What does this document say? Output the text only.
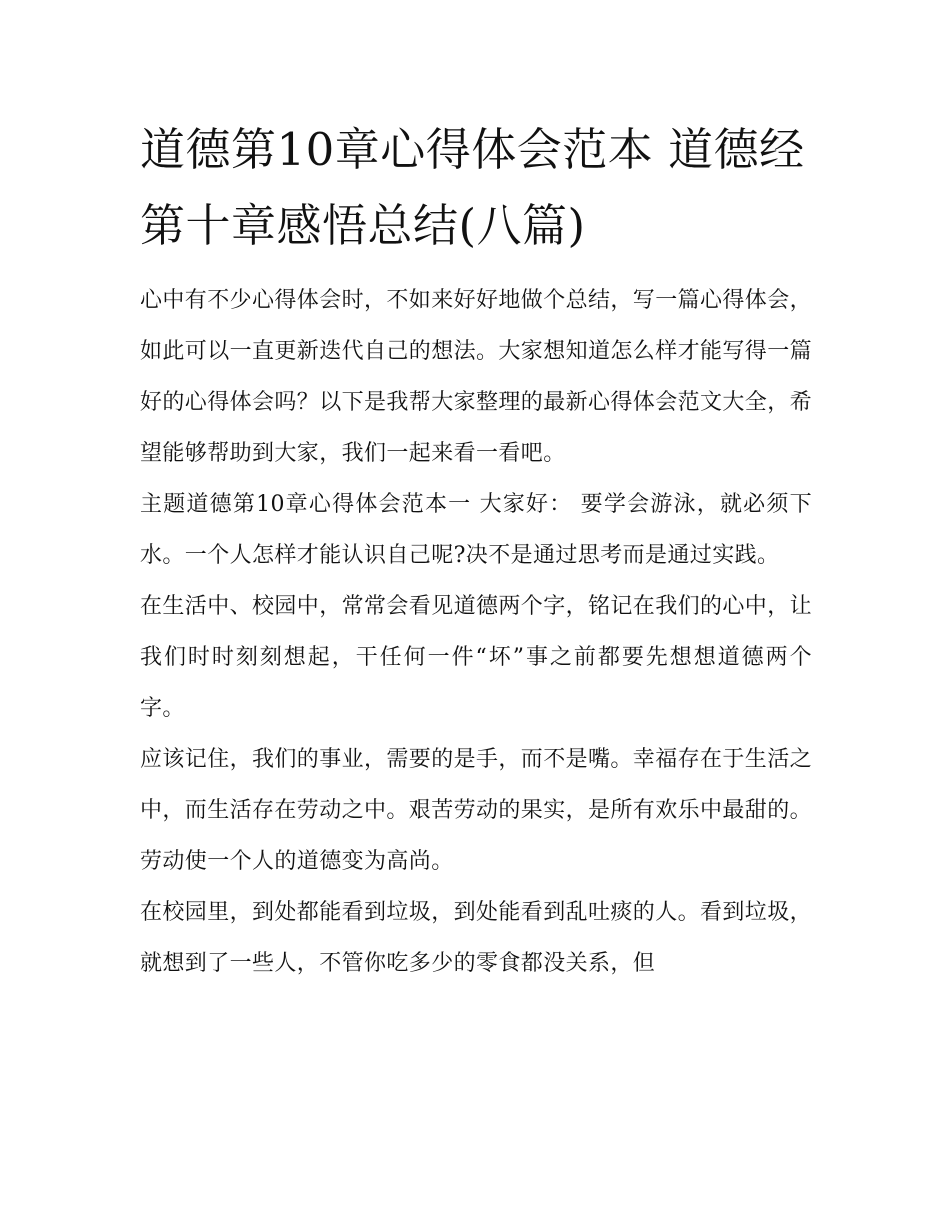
道德第10章心得体会范本 道德经第十章感悟总结(八篇)

心中有不少心得体会时，不如来好好地做个总结，写一篇心得体会，如此可以一直更新迭代自己的想法。大家想知道怎么样才能写得一篇好的心得体会吗？以下是我帮大家整理的最新心得体会范文大全，希望能够帮助到大家，我们一起来看一看吧。

主题道德第10章心得体会范本一 大家好： 要学会游泳，就必须下水。一个人怎样才能认识自己呢?决不是通过思考而是通过实践。

在生活中、校园中，常常会看见道德两个字，铭记在我们的心中，让我们时时刻刻想起，干任何一件“坏”事之前都要先想想道德两个字。

应该记住，我们的事业，需要的是手，而不是嘴。幸福存在于生活之中，而生活存在劳动之中。艰苦劳动的果实，是所有欢乐中最甜的。劳动使一个人的道德变为高尚。

在校园里，到处都能看到垃圾，到处能看到乱吐痰的人。看到垃圾，就想到了一些人，不管你吃多少的零食都没关系，但
